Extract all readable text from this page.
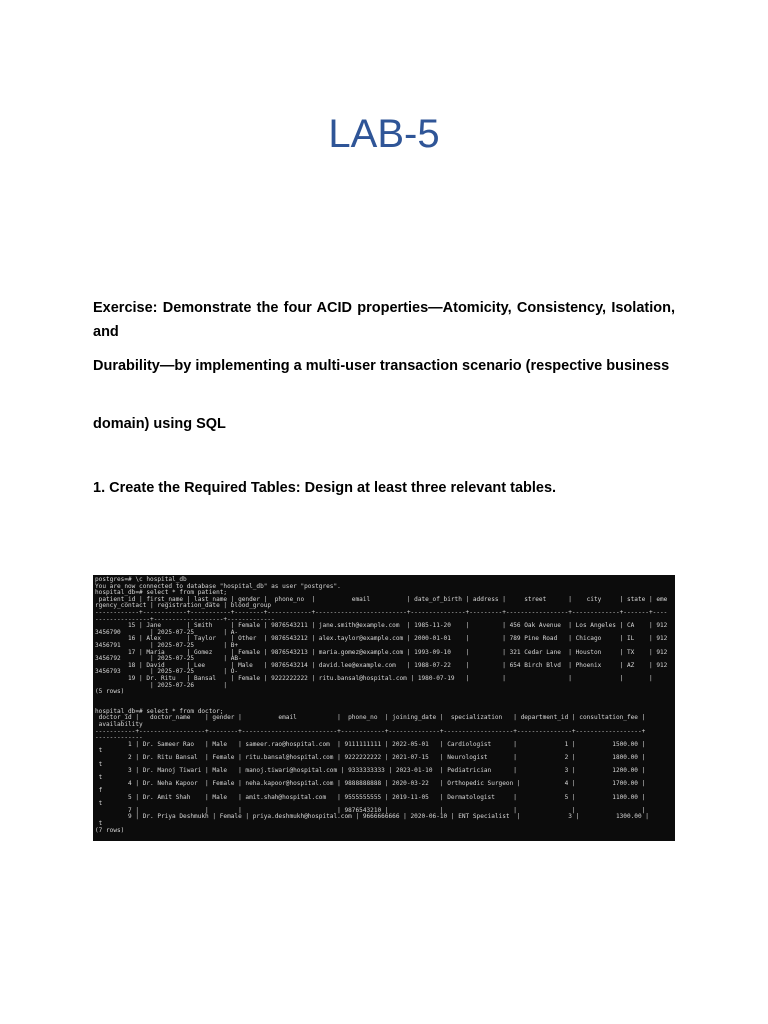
LAB-5
Exercise: Demonstrate the four ACID properties—Atomicity, Consistency, Isolation, and
Durability—by implementing a multi-user transaction scenario (respective business
domain) using SQL
1. Create the Required Tables: Design at least three relevant tables.
postgres=# \c hospital_db
You are now connected to database "hospital_db" as user "postgres".
hospital_db=# select * from patient;
patient_id | first_name | last_name | gender |  phone_no  |          email          | date_of_birth | address |     street      |    city     | state | eme
rgency_contact | registration_date | blood_group
------------+------------+-----------+--------+------------+-------------------------+---------------+---------+-----------------+-------------+-------+----
---------------+-------------------+-------------
15 | Jane       | Smith     | Female | 9876543211 | jane.smith@example.com  | 1985-11-20    |         | 456 Oak Avenue  | Los Angeles | CA    | 912
3456790        | 2025-07-25        | A-
16 | Alex       | Taylor    | Other  | 9876543212 | alex.taylor@example.com | 2000-01-01    |         | 789 Pine Road   | Chicago     | IL    | 912
3456791        | 2025-07-25        | B+
17 | Maria      | Gomez     | Female | 9876543213 | maria.gomez@example.com | 1993-09-10    |         | 321 Cedar Lane  | Houston     | TX    | 912
3456792        | 2025-07-25        | AB-
18 | David      | Lee       | Male   | 9876543214 | david.lee@example.com   | 1988-07-22    |         | 654 Birch Blvd  | Phoenix     | AZ    | 912
3456793        | 2025-07-25        | O-
19 | Dr. Ritu   | Bansal    | Female | 9222222222 | ritu.bansal@hospital.com | 1980-07-19   |         |                 |             |       |
| 2025-07-26        |
(5 rows)

hospital_db=# select * from doctor;
doctor_id |   doctor_name    | gender |          email           |  phone_no  | joining_date |  specialization   | department_id | consultation_fee |
availability
-----------+------------------+--------+--------------------------+------------+--------------+-------------------+---------------+------------------+
-------------
1 | Dr. Sameer Rao   | Male   | sameer.rao@hospital.com  | 9111111111 | 2022-05-01   | Cardiologist      |             1 |          1500.00 |
t
2 | Dr. Ritu Bansal  | Female | ritu.bansal@hospital.com | 9222222222 | 2021-07-15   | Neurologist       |             2 |          1800.00 |
t
3 | Dr. Manoj Tiwari | Male   | manoj.tiwari@hospital.com | 9333333333 | 2023-01-10  | Pediatrician      |             3 |          1200.00 |
t
4 | Dr. Neha Kapoor  | Female | neha.kapoor@hospital.com | 9888888888 | 2020-03-22   | Orthopedic Surgeon |            4 |          1700.00 |
f
5 | Dr. Amit Shah    | Male   | amit.shah@hospital.com   | 9555555555 | 2019-11-05   | Dermatologist     |             5 |          1100.00 |
t
7 |                  |        |                          | 9876543210 |              |                   |               |                  |
9 | Dr. Priya Deshmukh | Female | priya.deshmukh@hospital.com | 9666666666 | 2020-06-10 | ENT Specialist  |             3 |          1300.00 |
t
(7 rows)
